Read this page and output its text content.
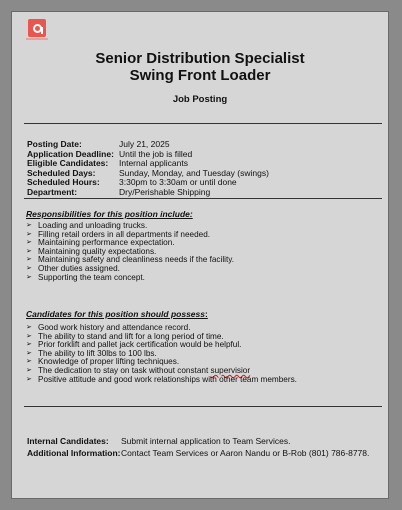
Senior Distribution Specialist
Swing Front Loader
Job Posting
Posting Date:	July 21, 2025
Application Deadline: Until the job is filled
Eligible Candidates:	Internal applicants
Scheduled Days:	Sunday, Monday, and Tuesday (swings)
Scheduled Hours:	3:30pm to 3:30am or until done
Department:	Dry/Perishable Shipping
Responsibilities for this position include:
➢ Loading and unloading trucks.
➢ Filling retail orders in all departments if needed.
➢ Maintaining performance expectation.
➢ Maintaining quality expectations.
➢ Maintaining safety and cleanliness needs if the facility.
➢ Other duties assigned.
➢ Supporting the team concept.
Candidates for this position should possess:
➢ Good work history and attendance record.
➢ The ability to stand and lift for a long period of time.
➢ Prior forklift and pallet jack certification would be helpful.
➢ The ability to lift 30lbs to 100 lbs.
➢ Knowledge of proper lifting techniques.
➢ The dedication to stay on task without constant supervisior
➢ Positive attitude and good work relationships with other team members.
Internal Candidates:	Submit internal application to Team Services.
Additional Information: Contact Team Services or Aaron Nandu or B-Rob (801) 786-8778.
